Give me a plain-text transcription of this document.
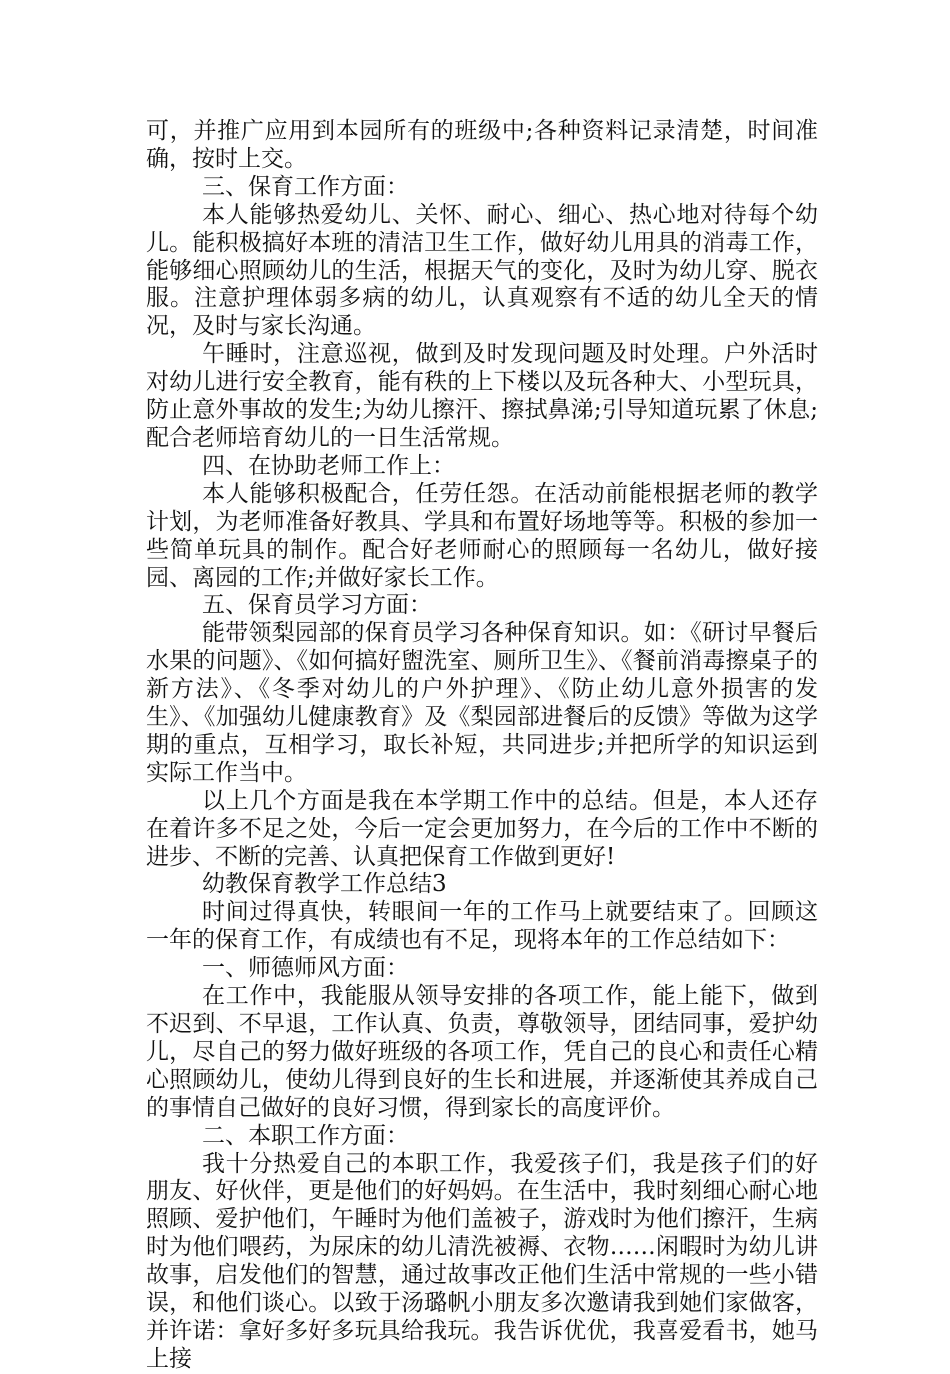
可，并推广应用到本园所有的班级中;各种资料记录清楚，时间准确，按时上交。

三、保育工作方面：

本人能够热爱幼儿、关怀、耐心、细心、热心地对待每个幼儿。能积极搞好本班的清洁卫生工作，做好幼儿用具的消毒工作，能够细心照顾幼儿的生活，根据天气的变化，及时为幼儿穿、脱衣服。注意护理体弱多病的幼儿，认真观察有不适的幼儿全天的情况，及时与家长沟通。

午睡时，注意巡视，做到及时发现问题及时处理。户外活时对幼儿进行安全教育，能有秩的上下楼以及玩各种大、小型玩具，防止意外事故的发生;为幼儿擦汗、擦拭鼻涕;引导知道玩累了休息;配合老师培育幼儿的一日生活常规。

四、在协助老师工作上：

本人能够积极配合，任劳任怨。在活动前能根据老师的教学计划，为老师准备好教具、学具和布置好场地等等。积极的参加一些简单玩具的制作。配合好老师耐心的照顾每一名幼儿，做好接园、离园的工作;并做好家长工作。

五、保育员学习方面：

能带领梨园部的保育员学习各种保育知识。如：《研讨早餐后水果的问题》、《如何搞好盥洗室、厕所卫生》、《餐前消毒擦桌子的新方法》、《冬季对幼儿的户外护理》、《防止幼儿意外损害的发生》、《加强幼儿健康教育》及《梨园部进餐后的反馈》等做为这学期的重点，互相学习，取长补短，共同进步;并把所学的知识运到实际工作当中。

以上几个方面是我在本学期工作中的总结。但是，本人还存在着许多不足之处，今后一定会更加努力，在今后的工作中不断的进步、不断的完善、认真把保育工作做到更好!

幼教保育教学工作总结3

时间过得真快，转眼间一年的工作马上就要结束了。回顾这一年的保育工作，有成绩也有不足，现将本年的工作总结如下：

一、师德师风方面：

在工作中，我能服从领导安排的各项工作，能上能下，做到不迟到、不早退，工作认真、负责，尊敬领导，团结同事，爱护幼儿，尽自己的努力做好班级的各项工作，凭自己的良心和责任心精心照顾幼儿，使幼儿得到良好的生长和进展，并逐渐使其养成自己的事情自己做好的良好习惯，得到家长的高度评价。

二、本职工作方面：

我十分热爱自己的本职工作，我爱孩子们，我是孩子们的好朋友、好伙伴，更是他们的好妈妈。在生活中，我时刻细心耐心地照顾、爱护他们，午睡时为他们盖被子，游戏时为他们擦汗，生病时为他们喂药，为尿床的幼儿清洗被褥、衣物……闲暇时为幼儿讲故事，启发他们的智慧，通过故事改正他们生活中常规的一些小错误，和他们谈心。以致于汤璐帆小朋友多次邀请我到她们家做客，并许诺：拿好多好多玩具给我玩。我告诉优优，我喜爱看书，她马上接
